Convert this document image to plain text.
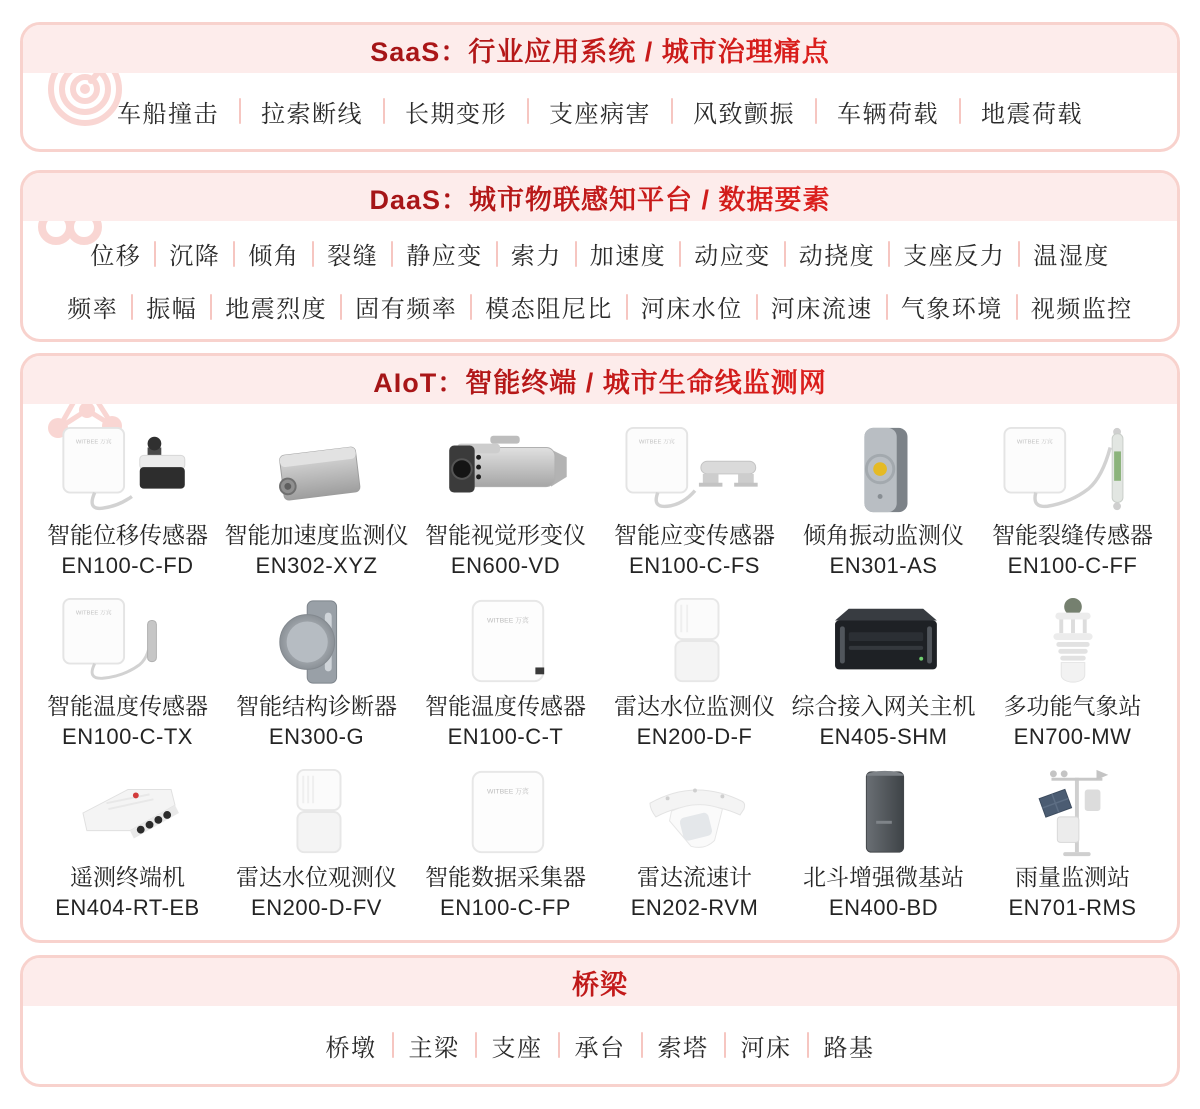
SaaS：行业应用系统 / 城市治理痛点
车船撞击	拉索断线	长期变形	支座病害	风致颤振	车辆荷载	地震荷载
DaaS：城市物联感知平台 / 数据要素
位移	沉降	倾角	裂缝	静应变	索力	加速度	动应变	动挠度	支座反力	温湿度
频率	振幅	地震烈度	固有频率	模态阻尼比	河床水位	河床流速	气象环境	视频监控
AIoT：智能终端 / 城市生命线监测网
WITBEE 万宾
智能位移传感器
EN100-C-FD
智能加速度监测仪
EN302-XYZ
智能视觉形变仪
EN600-VD
WITBEE 万宾
智能应变传感器
EN100-C-FS
倾角振动监测仪
EN301-AS
WITBEE 万宾
智能裂缝传感器
EN100-C-FF
WITBEE 万宾
智能温度传感器
EN100-C-TX
智能结构诊断器
EN300-G
WITBEE 万宾
智能温度传感器
EN100-C-T
雷达水位监测仪
EN200-D-F
综合接入网关主机
EN405-SHM
多功能气象站
EN700-MW
遥测终端机
EN404-RT-EB
雷达水位观测仪
EN200-D-FV
WITBEE 万宾
智能数据采集器
EN100-C-FP
雷达流速计
EN202-RVM
北斗增强微基站
EN400-BD
雨量监测站
EN701-RMS
桥梁
桥墩	主梁	支座	承台	索塔	河床	路基
